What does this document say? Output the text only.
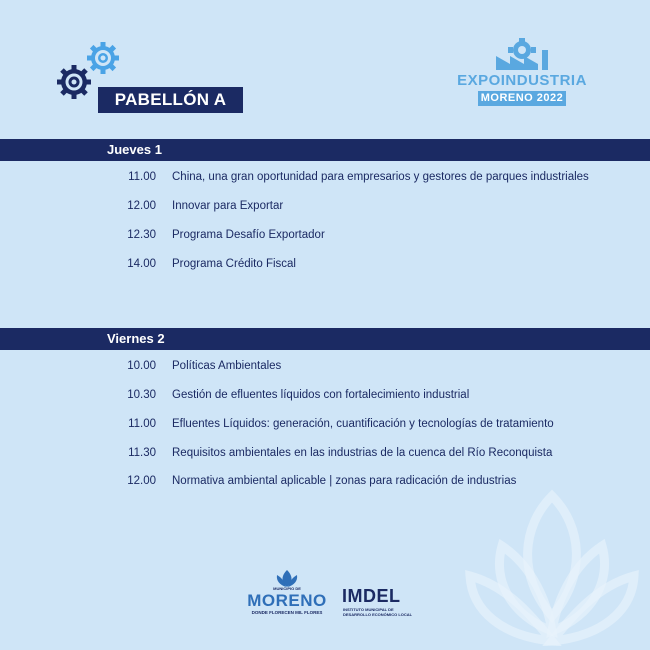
PABELLÓN A
EXPOINDUSTRIA
MORENO 2022
Jueves 1
11.00 China, una gran oportunidad para empresarios y gestores de parques industriales
12.00 Innovar para Exportar
12.30 Programa Desafío Exportador
14.00 Programa Crédito Fiscal
Viernes 2
10.00 Políticas Ambientales
10.30 Gestión de efluentes líquidos con fortalecimiento industrial
11.00 Efluentes Líquidos: generación, cuantificación y tecnologías de tratamiento
11.30 Requisitos ambientales en las industrias de la cuenca del Río Reconquista
12.00 Normativa ambiental aplicable | zonas para radicación de industrias
MUNICIPIO DE
MORENO
DONDE FLORECEN MIL FLORES
IMDEL
INSTITUTO MUNICIPAL DE DESARROLLO ECONÓMICO LOCAL
